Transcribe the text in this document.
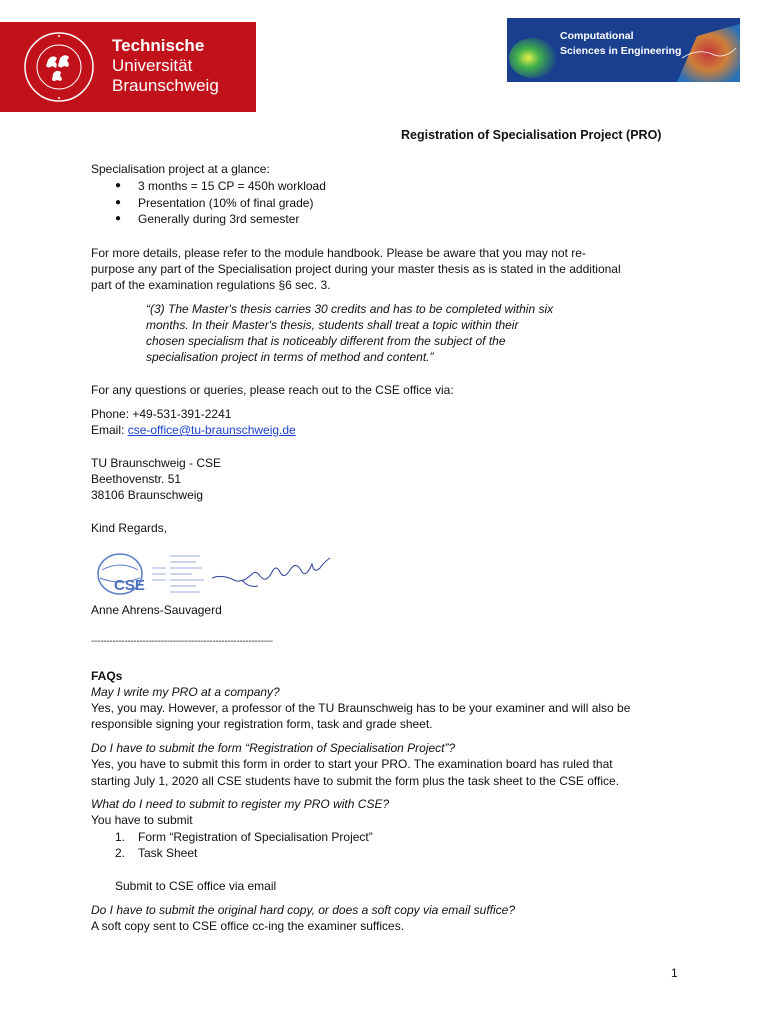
Technische
Universität
Braunschweig
Computational
Sciences in Engineering
Registration of Specialisation Project (PRO)
Specialisation project at a glance:
● 3 months = 15 CP = 450h workload
● Presentation (10% of final grade)
● Generally during 3rd semester
For more details, please refer to the module handbook. Please be aware that you may not re-
purpose any part of the Specialisation project during your master thesis as is stated in the additional
part of the examination regulations §6 sec. 3.
“(3) The Master's thesis carries 30 credits and has to be completed within six
months. In their Master's thesis, students shall treat a topic within their
chosen specialism that is noticeably different from the subject of the
specialisation project in terms of method and content.”
For any questions or queries, please reach out to the CSE office via:
Phone: +49-531-391-2241
Email: cse-office@tu-braunschweig.de
TU Braunschweig - CSE
Beethovenstr. 51
38106 Braunschweig
Kind Regards,
CSE
Anne Ahrens-Sauvagerd
------------------------------------------------------------
FAQs
May I write my PRO at a company?
Yes, you may. However, a professor of the TU Braunschweig has to be your examiner and will also be
responsible signing your registration form, task and grade sheet.
Do I have to submit the form “Registration of Specialisation Project”?
Yes, you have to submit this form in order to start your PRO. The examination board has ruled that
starting July 1, 2020 all CSE students have to submit the form plus the task sheet to the CSE office.
What do I need to submit to register my PRO with CSE?
You have to submit
1. Form “Registration of Specialisation Project”
2. Task Sheet
Submit to CSE office via email
Do I have to submit the original hard copy, or does a soft copy via email suffice?
A soft copy sent to CSE office cc-ing the examiner suffices.
1
